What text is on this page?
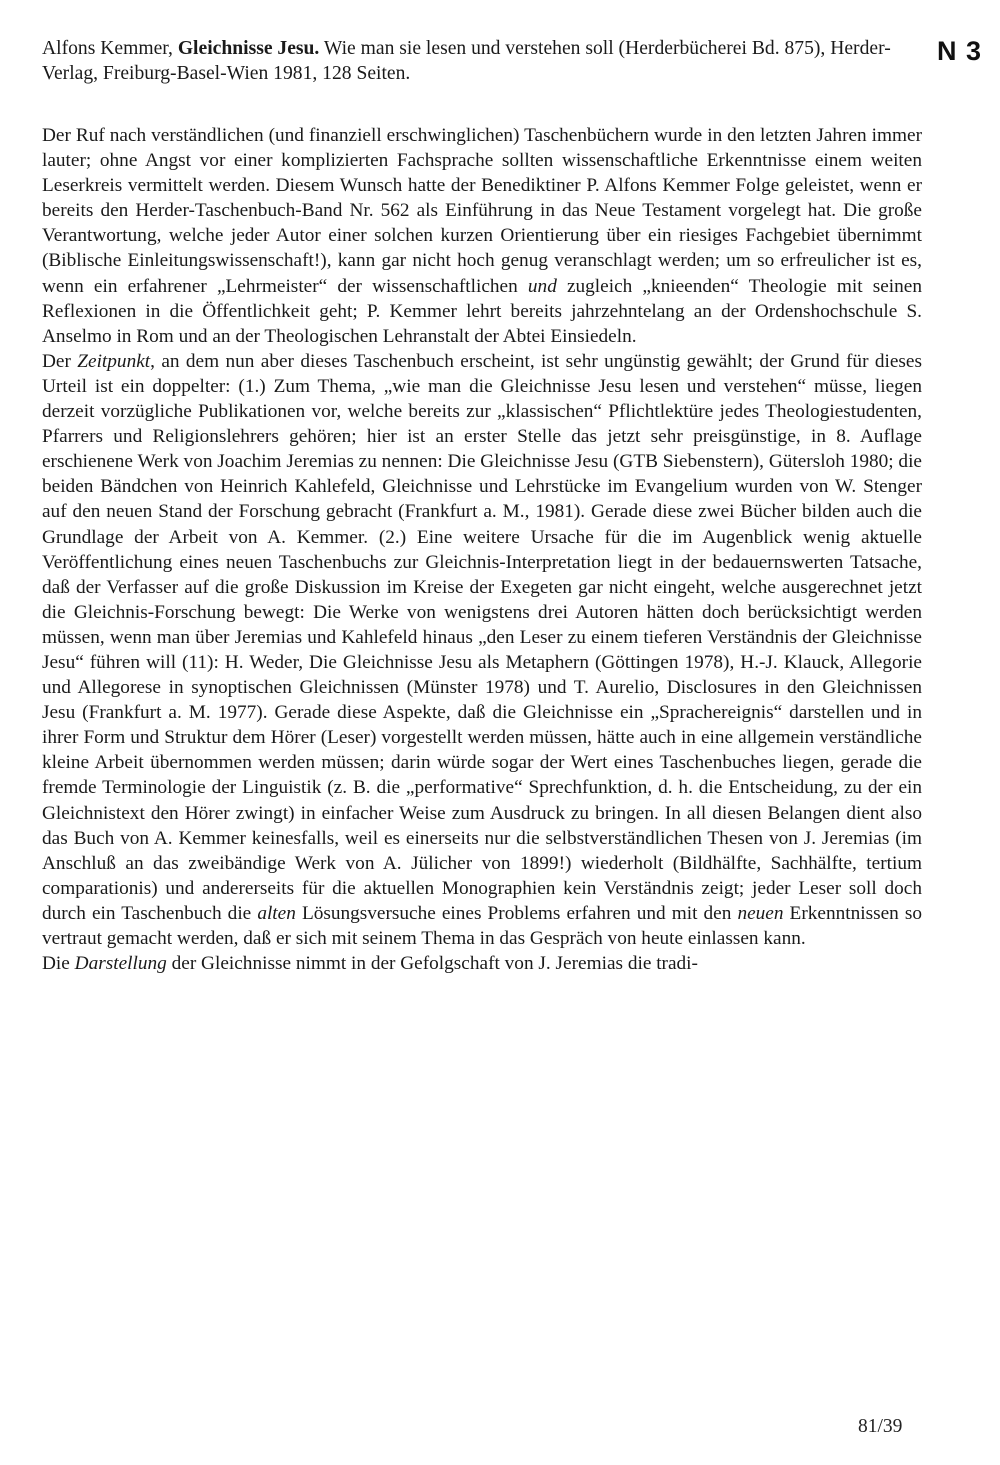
N 3
Alfons Kemmer, Gleichnisse Jesu. Wie man sie lesen und verstehen soll (Herderbücherei Bd. 875), Herder-Verlag, Freiburg-Basel-Wien 1981, 128 Seiten.

Der Ruf nach verständlichen (und finanziell erschwinglichen) Taschenbüchern wurde in den letzten Jahren immer lauter; ohne Angst vor einer komplizierten Fachsprache sollten wissenschaftliche Erkenntnisse einem weiten Leserkreis vermittelt werden. Diesem Wunsch hatte der Benediktiner P. Alfons Kemmer Folge geleistet, wenn er bereits den Herder-Taschenbuch-Band Nr. 562 als Einführung in das Neue Testament vorgelegt hat. Die große Verantwortung, welche jeder Autor einer solchen kurzen Orientierung über ein riesiges Fachgebiet übernimmt (Biblische Einleitungswissenschaft!), kann gar nicht hoch genug veranschlagt werden; um so erfreulicher ist es, wenn ein erfahrener „Lehrmeister“ der wissenschaftlichen und zugleich „knieenden“ Theologie mit seinen Reflexionen in die Öffentlichkeit geht; P. Kemmer lehrt bereits jahrzehntelang an der Ordenshochschule S. Anselmo in Rom und an der Theologischen Lehranstalt der Abtei Einsiedeln.

Der Zeitpunkt, an dem nun aber dieses Taschenbuch erscheint, ist sehr ungünstig gewählt; der Grund für dieses Urteil ist ein doppelter: (1.) Zum Thema, „wie man die Gleichnisse Jesu lesen und verstehen“ müsse, liegen derzeit vorzügliche Publikationen vor, welche bereits zur „klassischen“ Pflichtlektüre jedes Theologiestudenten, Pfarrers und Religionslehrers gehören; hier ist an erster Stelle das jetzt sehr preisgünstige, in 8. Auflage erschienene Werk von Joachim Jeremias zu nennen: Die Gleichnisse Jesu (GTB Siebenstern), Gütersloh 1980; die beiden Bändchen von Heinrich Kahlefeld, Gleichnisse und Lehrstücke im Evangelium wurden von W. Stenger auf den neuen Stand der Forschung gebracht (Frankfurt a. M., 1981). Gerade diese zwei Bücher bilden auch die Grundlage der Arbeit von A. Kemmer. (2.) Eine weitere Ursache für die im Augenblick wenig aktuelle Veröffentlichung eines neuen Taschenbuchs zur Gleichnis-Interpretation liegt in der bedauernswerten Tatsache, daß der Verfasser auf die große Diskussion im Kreise der Exegeten gar nicht eingeht, welche ausgerechnet jetzt die Gleichnis-Forschung bewegt: Die Werke von wenigstens drei Autoren hätten doch berücksichtigt werden müssen, wenn man über Jeremias und Kahlefeld hinaus „den Leser zu einem tieferen Verständnis der Gleichnisse Jesu“ führen will (11): H. Weder, Die Gleichnisse Jesu als Metaphern (Göttingen 1978), H.-J. Klauck, Allegorie und Allegorese in synoptischen Gleichnissen (Münster 1978) und T. Aurelio, Disclosures in den Gleichnissen Jesu (Frankfurt a. M. 1977). Gerade diese Aspekte, daß die Gleichnisse ein „Sprachereignis“ darstellen und in ihrer Form und Struktur dem Hörer (Leser) vorgestellt werden müssen, hätte auch in eine allgemein verständliche kleine Arbeit übernommen werden müssen; darin würde sogar der Wert eines Taschenbuches liegen, gerade die fremde Terminologie der Linguistik (z. B. die „performative“ Sprechfunktion, d. h. die Entscheidung, zu der ein Gleichnistext den Hörer zwingt) in einfacher Weise zum Ausdruck zu bringen. In all diesen Belangen dient also das Buch von A. Kemmer keinesfalls, weil es einerseits nur die selbstverständlichen Thesen von J. Jeremias (im Anschluß an das zweibändige Werk von A. Jülicher von 1899!) wiederholt (Bildhälfte, Sachhälfte, tertium comparationis) und andererseits für die aktuellen Monographien kein Verständnis zeigt; jeder Leser soll doch durch ein Taschenbuch die alten Lösungsversuche eines Problems erfahren und mit den neuen Erkenntnissen so vertraut gemacht werden, daß er sich mit seinem Thema in das Gespräch von heute einlassen kann.

Die Darstellung der Gleichnisse nimmt in der Gefolgschaft von J. Jeremias die tradi-

81/39
